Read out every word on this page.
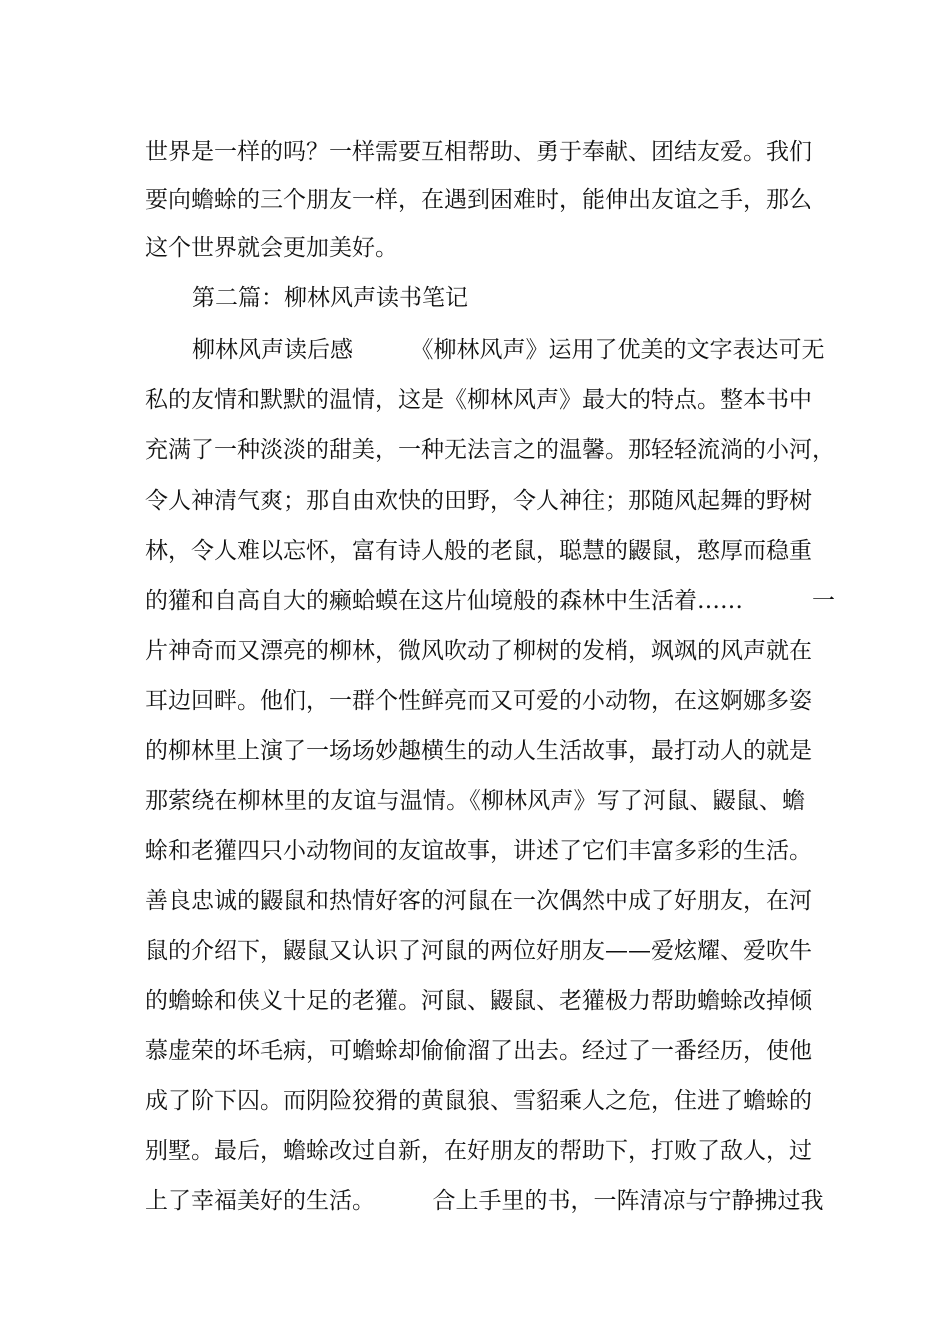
世界是一样的吗？一样需要互相帮助、勇于奉献、团结友爱。我们
要向蟾蜍的三个朋友一样，在遇到困难时，能伸出友谊之手，那么
这个世界就会更加美好。
第二篇：柳林风声读书笔记
柳林风声读后感　　　《柳林风声》运用了优美的文字表达可无
私的友情和默默的温情，这是《柳林风声》最大的特点。整本书中
充满了一种淡淡的甜美，一种无法言之的温馨。那轻轻流淌的小河，
令人神清气爽；那自由欢快的田野，令人神往；那随风起舞的野树
林，令人难以忘怀，富有诗人般的老鼠，聪慧的鼹鼠，憨厚而稳重
的獾和自高自大的癞蛤蟆在这片仙境般的森林中生活着……　　　一
片神奇而又漂亮的柳林，微风吹动了柳树的发梢，飒飒的风声就在
耳边回畔。他们，一群个性鲜亮而又可爱的小动物，在这婀娜多姿
的柳林里上演了一场场妙趣横生的动人生活故事，最打动人的就是
那萦绕在柳林里的友谊与温情。《柳林风声》写了河鼠、鼹鼠、蟾
蜍和老獾四只小动物间的友谊故事，讲述了它们丰富多彩的生活。
善良忠诚的鼹鼠和热情好客的河鼠在一次偶然中成了好朋友，在河
鼠的介绍下，鼹鼠又认识了河鼠的两位好朋友——爱炫耀、爱吹牛
的蟾蜍和侠义十足的老獾。河鼠、鼹鼠、老獾极力帮助蟾蜍改掉倾
慕虚荣的坏毛病，可蟾蜍却偷偷溜了出去。经过了一番经历，使他
成了阶下囚。而阴险狡猾的黄鼠狼、雪貂乘人之危，住进了蟾蜍的
别墅。最后，蟾蜍改过自新，在好朋友的帮助下，打败了敌人，过
上了幸福美好的生活。　　　合上手里的书，一阵清凉与宁静拂过我
